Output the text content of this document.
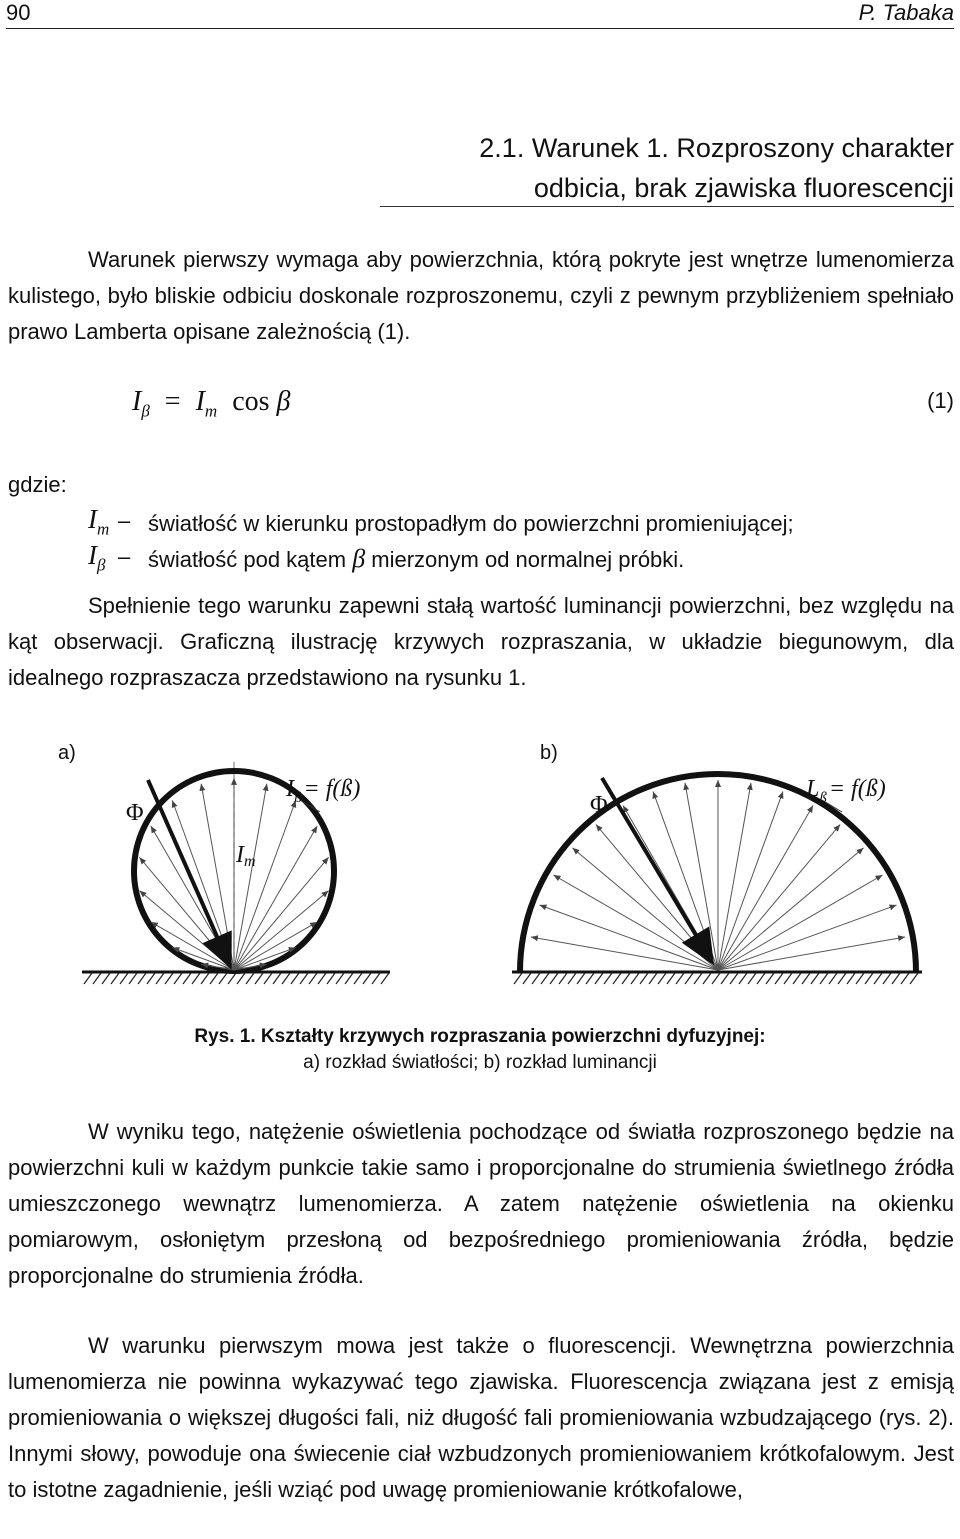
90	P. Tabaka
2.1. Warunek 1. Rozproszony charakter
odbicia, brak zjawiska fluorescencji

Warunek pierwszy wymaga aby powierzchnia, którą pokryte jest wnętrze lumenomierza kulistego, było bliskie odbiciu doskonale rozproszonemu, czyli z pewnym przybliżeniem spełniało prawo Lamberta opisane zależnością (1).

$I_\beta = I_m$ cos β	(1)
gdzie:
$I_m$ – światłość w kierunku prostopadłym do powierzchni promieniującej;
$I_\beta$ – światłość pod kątem β mierzonym od normalnej próbki.

Spełnienie tego warunku zapewni stałą wartość luminancji powierzchni, bez względu na kąt obserwacji. Graficzną ilustrację krzywych rozpraszania, w układzie biegunowym, dla idealnego rozpraszacza przedstawiono na rysunku 1.

a)	b)
Φ
$I_ß=$ f(ß)
Im
Φ
$L_ß=$ f(ß)
Rys. 1. Kształty krzywych rozpraszania powierzchni dyfuzyjnej:
a) rozkład światłości; b) rozkład luminancji

W wyniku tego, natężenie oświetlenia pochodzące od światła rozproszonego będzie na powierzchni kuli w każdym punkcie takie samo i proporcjonalne do strumienia świetlnego źródła umieszczonego wewnątrz lumenomierza. A zatem natężenie oświetlenia na okienku pomiarowym, osłoniętym przesłoną od bezpośredniego promieniowania źródła, będzie proporcjonalne do strumienia źródła.

W warunku pierwszym mowa jest także o fluorescencji. Wewnętrzna powierzchnia lumenomierza nie powinna wykazywać tego zjawiska. Fluorescencja związana jest z emisją promieniowania o większej długości fali, niż długość fali promieniowania wzbudzającego (rys. 2). Innymi słowy, powoduje ona świecenie ciał wzbudzonych promieniowaniem krótkofalowym. Jest to istotne zagadnienie, jeśli wziąć pod uwagę promieniowanie krótkofalowe,
